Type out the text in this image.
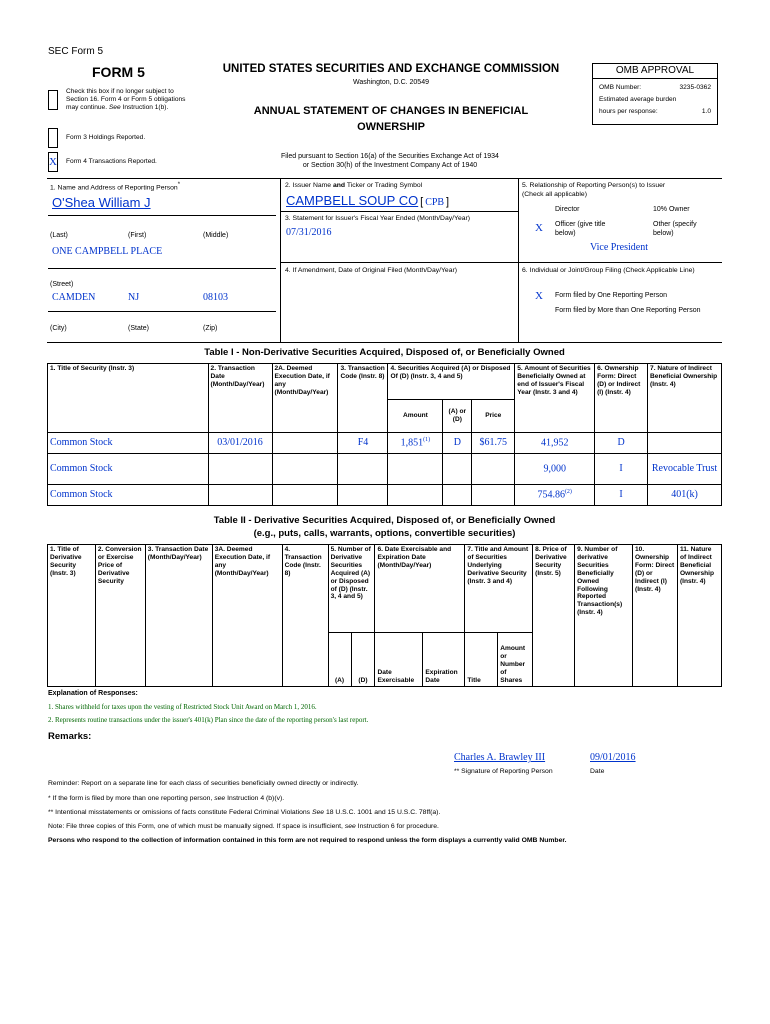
SEC Form 5
FORM 5
Check this box if no longer subject to Section 16. Form 4 or Form 5 obligations may continue. See Instruction 1(b).
Form 3 Holdings Reported.
X Form 4 Transactions Reported.
UNITED STATES SECURITIES AND EXCHANGE COMMISSION
Washington, D.C. 20549
ANNUAL STATEMENT OF CHANGES IN BENEFICIAL
OWNERSHIP
Filed pursuant to Section 16(a) of the Securities Exchange Act of 1934
or Section 30(h) of the Investment Company Act of 1940
OMB APPROVAL
OMB Number:	3235-0362
Estimated average burden
hours per response:	1.0
1. Name and Address of Reporting Person*
O'Shea William J
(Last)	(First)	(Middle)
ONE CAMPBELL PLACE
(Street)
CAMDEN	NJ	08103
(City)	(State)	(Zip)
2. Issuer Name and Ticker or Trading Symbol
CAMPBELL SOUP CO [ CPB ]
3. Statement for Issuer's Fiscal Year Ended (Month/Day/Year)
07/31/2016
4. If Amendment, Date of Original Filed (Month/Day/Year)
5. Relationship of Reporting Person(s) to Issuer
(Check all applicable)
Director	10% Owner
X Officer (give title below)
Other (specify below)
Vice President
6. Individual or Joint/Group Filing (Check Applicable Line)
X Form filed by One Reporting Person
Form filed by More than One Reporting Person
Table I - Non-Derivative Securities Acquired, Disposed of, or Beneficially Owned
1. Title of Security (Instr. 3)	2. Transaction Date (Month/Day/Year)	2A. Deemed Execution Date, if any (Month/Day/Year)	3. Transaction Code (Instr. 8)	4. Securities Acquired (A) or Disposed Of (D) (Instr. 3, 4 and 5)			5. Amount of Securities Beneficially Owned at end of Issuer's Fiscal Year (Instr. 3 and 4)	6. Ownership Form: Direct (D) or Indirect (I) (Instr. 4)	7. Nature of Indirect Beneficial Ownership (Instr. 4)
				Amount	(A) or (D)	Price			
Common Stock	03/01/2016		F4	1,851$^{(1)}$	D	$61.75	41,952	D	
Common Stock							9,000	I	Revocable Trust
Common Stock							754.86$^{(2)}$	I	401(k)
Table II - Derivative Securities Acquired, Disposed of, or Beneficially Owned
(e.g., puts, calls, warrants, options, convertible securities)
1. Title of Derivative Security (Instr. 3)	2. Conversion or Exercise Price of Derivative Security	3. Transaction Date (Month/Day/Year)	3A. Deemed Execution Date, if any (Month/Day/Year)	4. Transaction Code (Instr. 8)	5. Number of Derivative Securities Acquired (A) or Disposed of (D) (Instr. 3, 4 and 5)		6. Date Exercisable and Expiration Date (Month/Day/Year)		7. Title and Amount of Securities Underlying Derivative Security (Instr. 3 and 4)		8. Price of Derivative Security (Instr. 5)	9. Number of derivative Securities Beneficially Owned Following Reported Transaction(s) (Instr. 4)	10. Ownership Form: Direct (D) or Indirect (I) (Instr. 4)	11. Nature of Indirect Beneficial Ownership (Instr. 4)
					(A)	(D)	Date Exercisable	Expiration Date	Title	Amount or Number of Shares				
Explanation of Responses:
1. Shares withheld for taxes upon the vesting of Restricted Stock Unit Award on March 1, 2016.
2. Represents routine transactions under the issuer's 401(k) Plan since the date of the reporting person's last report.
Remarks:
Charles A. Brawley III	09/01/2016
** Signature of Reporting Person	Date
Reminder: Report on a separate line for each class of securities beneficially owned directly or indirectly.
* If the form is filed by more than one reporting person, see Instruction 4 (b)(v).
** Intentional misstatements or omissions of facts constitute Federal Criminal Violations See 18 U.S.C. 1001 and 15 U.S.C. 78ff(a).
Note: File three copies of this Form, one of which must be manually signed. If space is insufficient, see Instruction 6 for procedure.
Persons who respond to the collection of information contained in this form are not required to respond unless the form displays a currently valid OMB Number.
